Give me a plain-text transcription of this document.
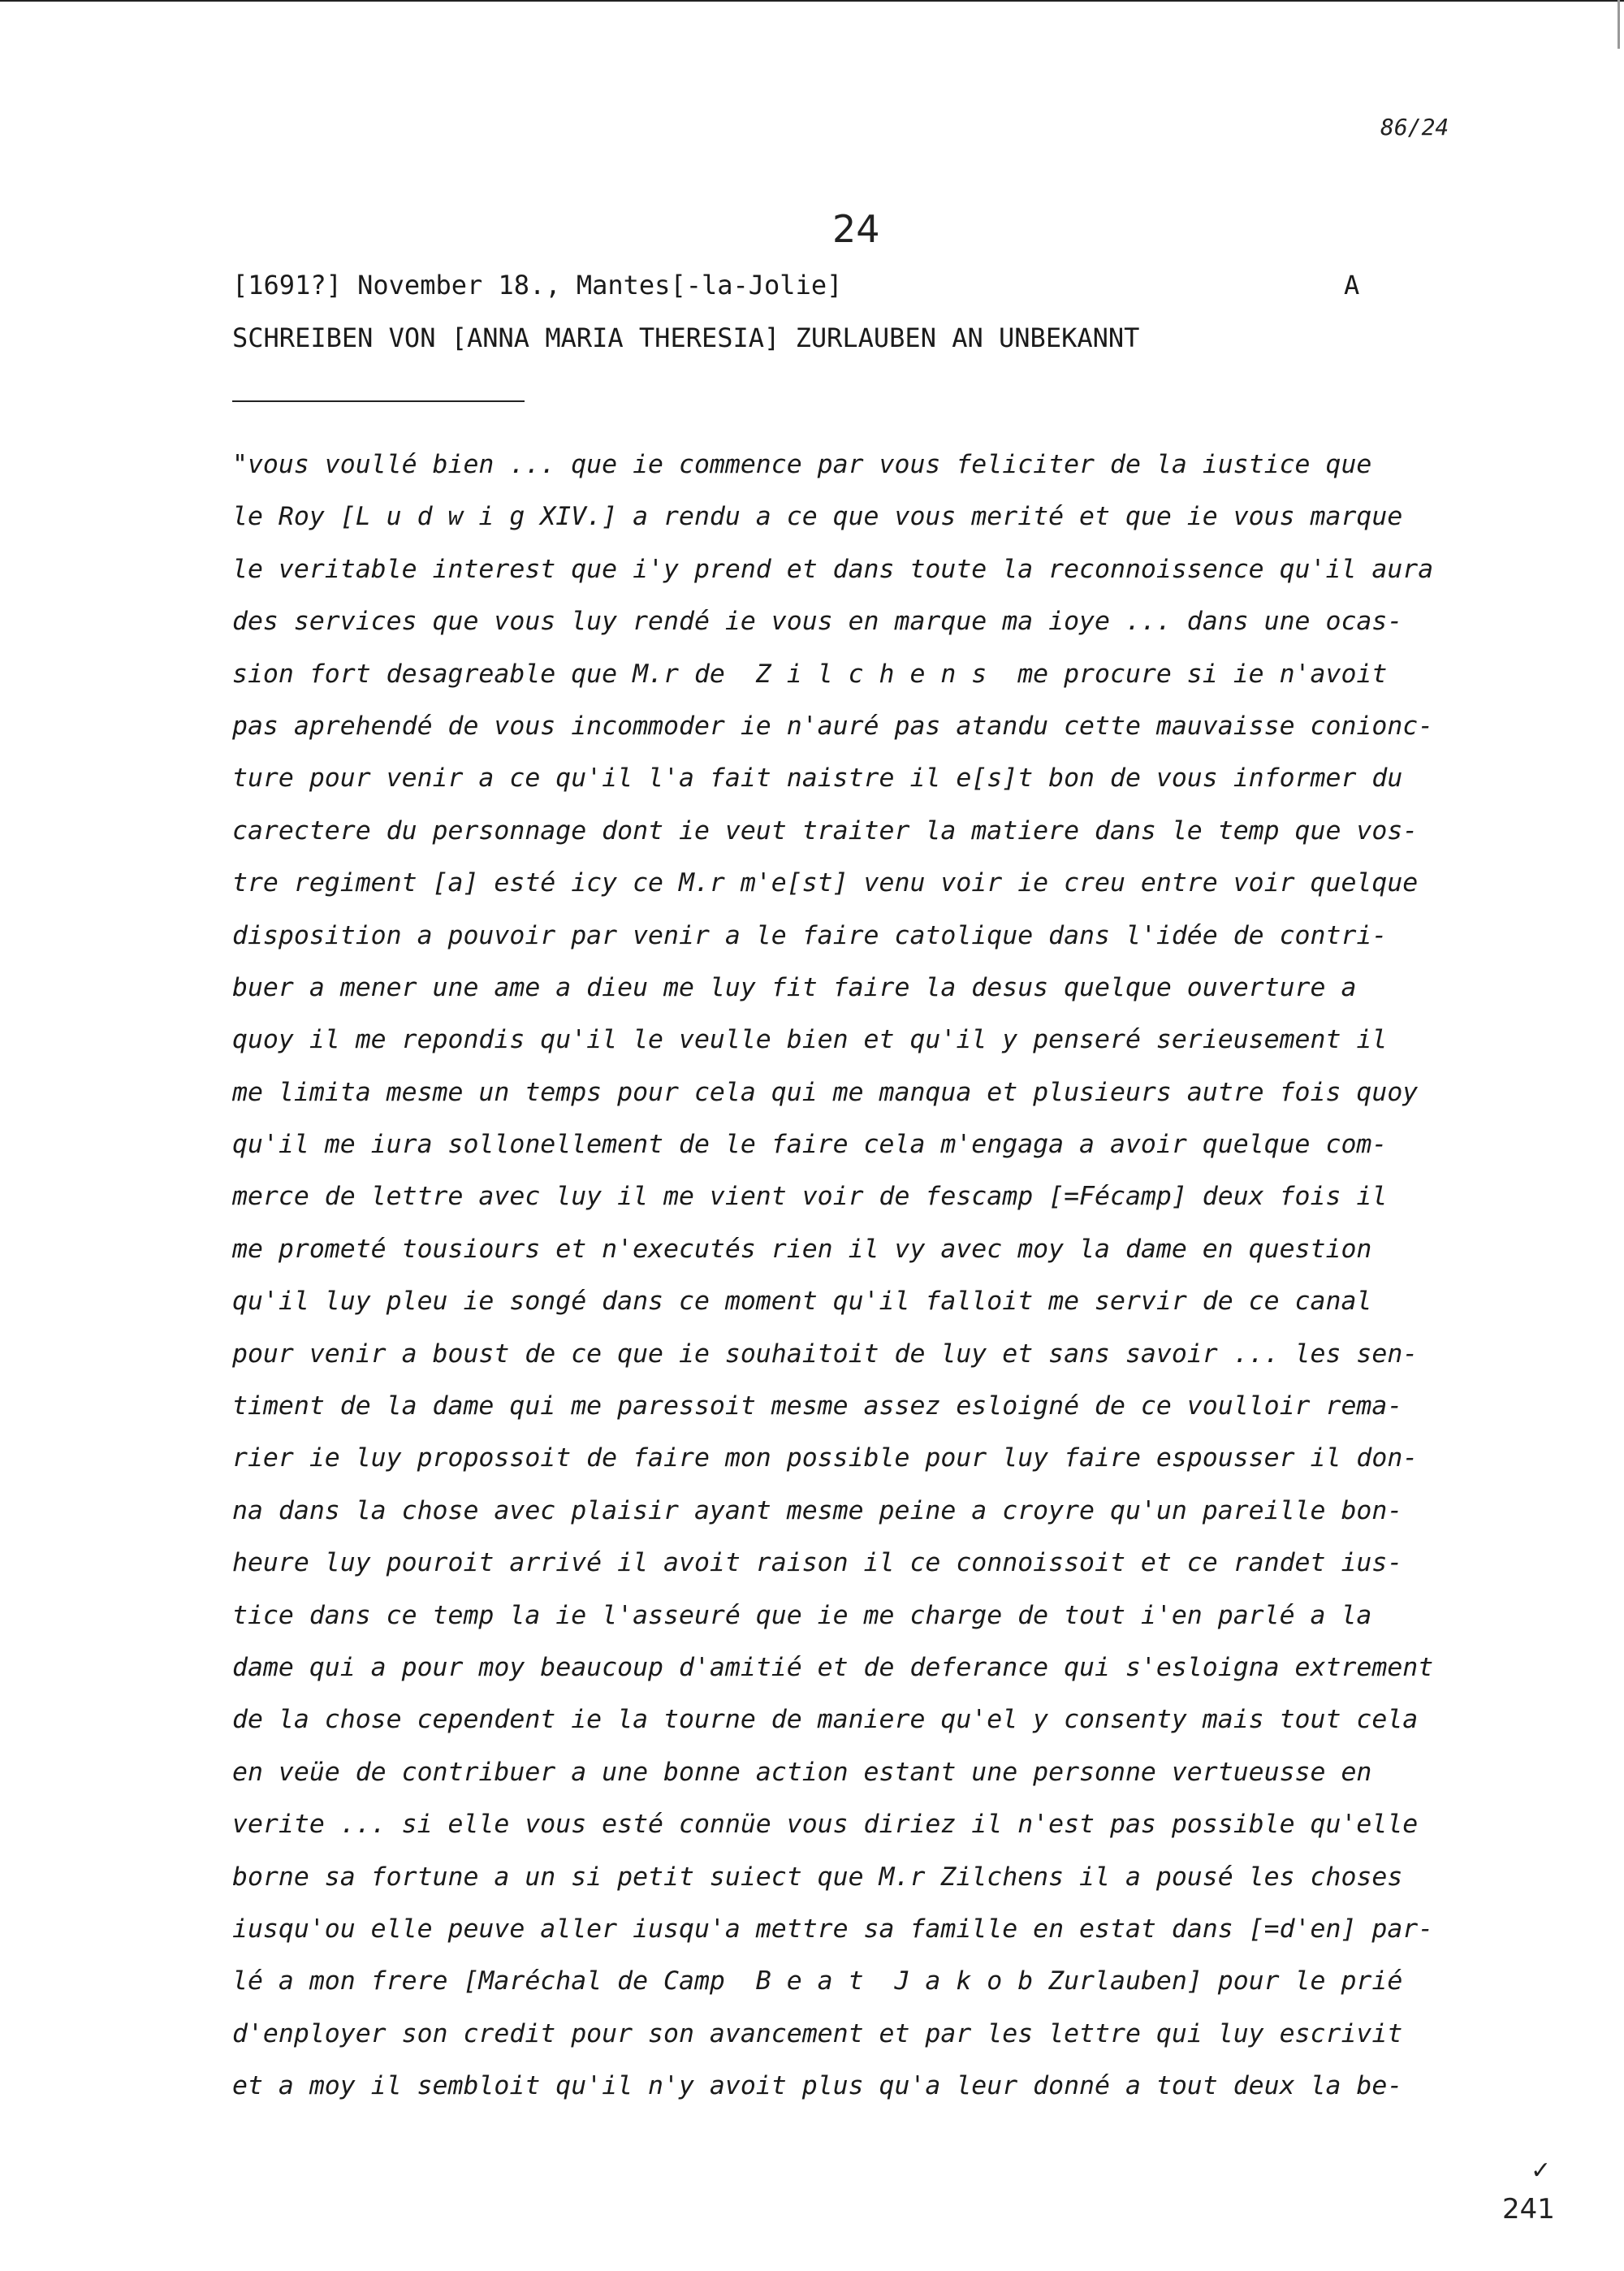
86/24
24
[1691?] November 18., Mantes[-la-Jolie]	A
SCHREIBEN VON [ANNA MARIA THERESIA] ZURLAUBEN AN UNBEKANNT
"vous voullé bien ... que ie commence par vous feliciter de la iustice que
le Roy [L u d w i g XIV.] a rendu a ce que vous merité et que ie vous marque
le veritable interest que i'y prend et dans toute la reconnoissence qu'il aura
des services que vous luy rendé ie vous en marque ma ioye ... dans une ocas-
sion fort desagreable que M.r de  Z i l c h e n s  me procure si ie n'avoit
pas aprehendé de vous incommoder ie n'auré pas atandu cette mauvaisse conionc-
ture pour venir a ce qu'il l'a fait naistre il e[s]t bon de vous informer du
carectere du personnage dont ie veut traiter la matiere dans le temp que vos-
tre regiment [a] esté icy ce M.r m'e[st] venu voir ie creu entre voir quelque
disposition a pouvoir par venir a le faire catolique dans l'idée de contri-
buer a mener une ame a dieu me luy fit faire la desus quelque ouverture a
quoy il me repondis qu'il le veulle bien et qu'il y penseré serieusement il
me limita mesme un temps pour cela qui me manqua et plusieurs autre fois quoy
qu'il me iura sollonellement de le faire cela m'engaga a avoir quelque com-
merce de lettre avec luy il me vient voir de fescamp [=Fécamp] deux fois il
me prometé tousiours et n'executés rien il vy avec moy la dame en question
qu'il luy pleu ie songé dans ce moment qu'il falloit me servir de ce canal
pour venir a boust de ce que ie souhaitoit de luy et sans savoir ... les sen-
timent de la dame qui me paressoit mesme assez esloigné de ce voulloir rema-
rier ie luy propossoit de faire mon possible pour luy faire espousser il don-
na dans la chose avec plaisir ayant mesme peine a croyre qu'un pareille bon-
heure luy pouroit arrivé il avoit raison il ce connoissoit et ce randet ius-
tice dans ce temp la ie l'asseuré que ie me charge de tout i'en parlé a la
dame qui a pour moy beaucoup d'amitié et de deferance qui s'esloigna extrement
de la chose cependent ie la tourne de maniere qu'el y consenty mais tout cela
en veüe de contribuer a une bonne action estant une personne vertueusse en
verite ... si elle vous esté connüe vous diriez il n'est pas possible qu'elle
borne sa fortune a un si petit suiect que M.r Zilchens il a pousé les choses
iusqu'ou elle peuve aller iusqu'a mettre sa famille en estat dans [=d'en] par-
lé a mon frere [Maréchal de Camp  B e a t  J a k o b Zurlauben] pour le prié
d'enployer son credit pour son avancement et par les lettre qui luy escrivit
et a moy il sembloit qu'il n'y avoit plus qu'a leur donné a tout deux la be-
✓
241
